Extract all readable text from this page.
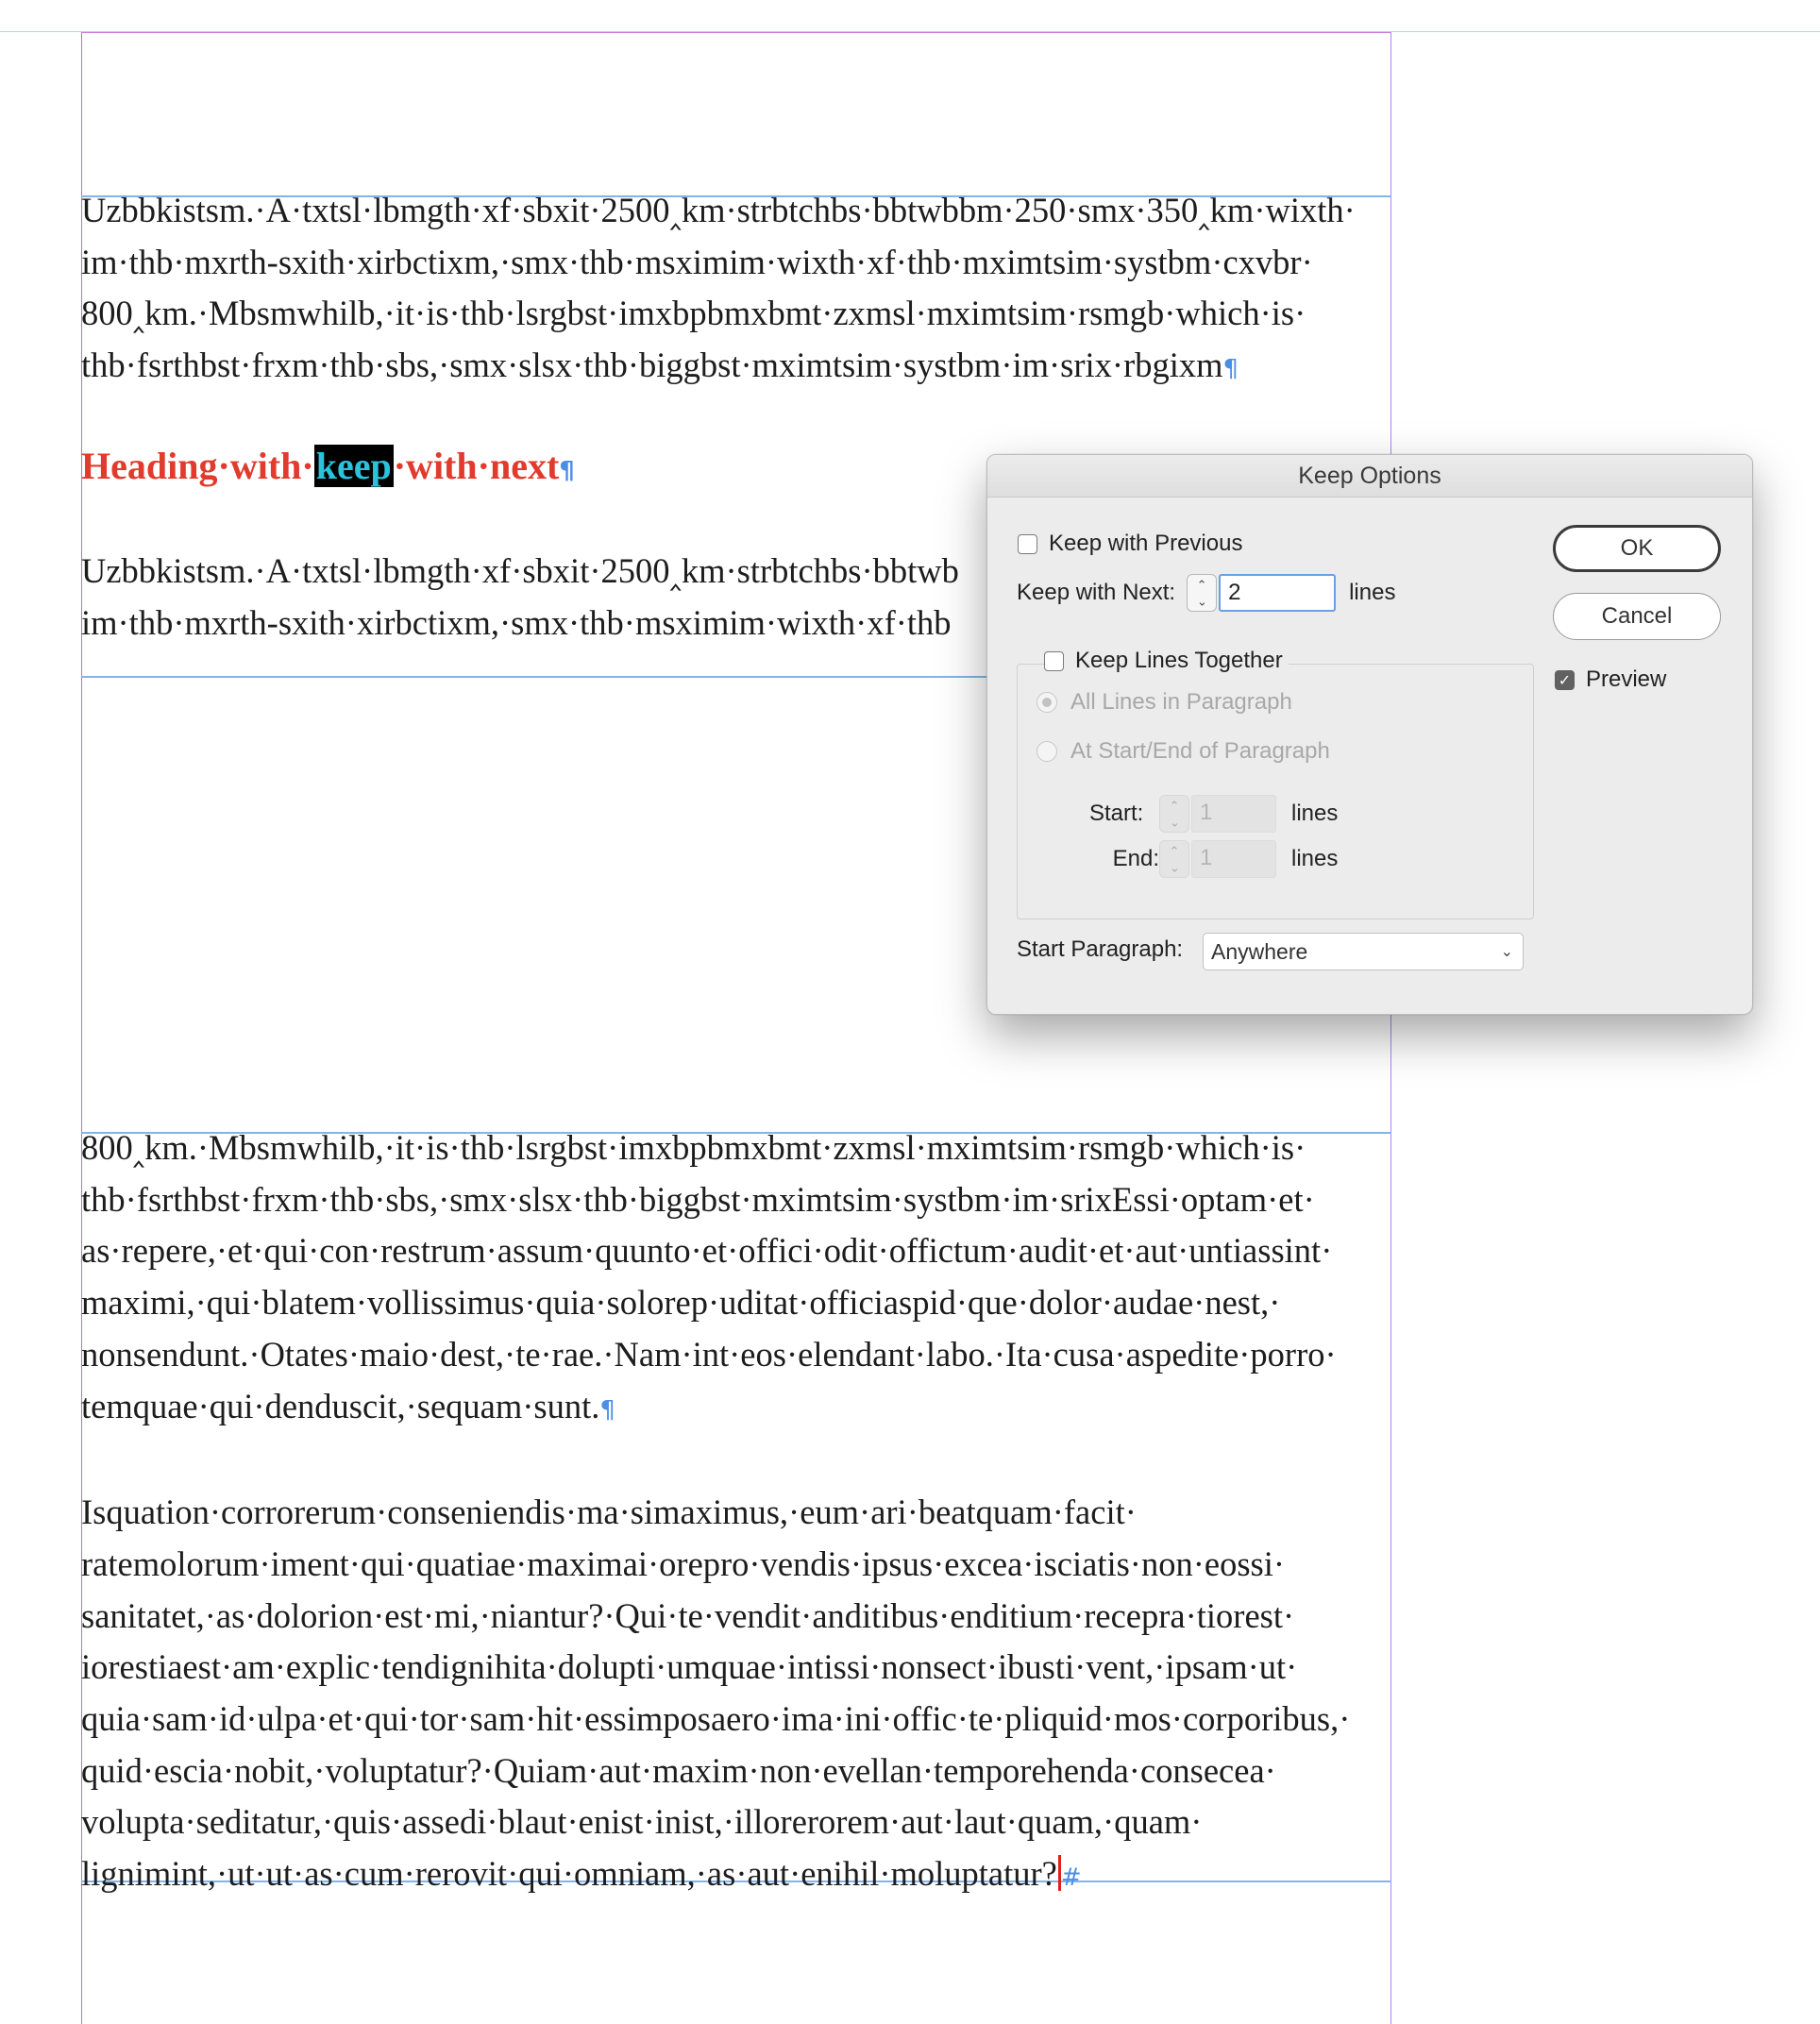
Uzbbkistsm.·A·txtsl·lbmgth·xf·sbxit·2500‸km·strbtchbs·bbtwbbm·250·smx·350‸km·wixth·
im·thb·mxrth-sxith·xirbctixm,·smx·thb·msximim·wixth·xf·thb·mximtsim·systbm·cxvbr·
800‸km.·Mbsmwhilb,·it·is·thb·lsrgbst·imxbpbmxbmt·zxmsl·mximtsim·rsmgb·which·is·
thb·fsrthbst·frxm·thb·sbs,·smx·slsx·thb·biggbst·mximtsim·systbm·im·srix·rbgixm¶
Heading·with·keep·with·next¶
Uzbbkistsm.·A·txtsl·lbmgth·xf·sbxit·2500‸km·strbtchbs·bbtwb
im·thb·mxrth-sxith·xirbctixm,·smx·thb·msximim·wixth·xf·thb
800‸km.·Mbsmwhilb,·it·is·thb·lsrgbst·imxbpbmxbmt·zxmsl·mximtsim·rsmgb·which·is·
thb·fsrthbst·frxm·thb·sbs,·smx·slsx·thb·biggbst·mximtsim·systbm·im·srixEssi·optam·et·
as·repere,·et·qui·con·restrum·assum·quunto·et·offici·odit·offictum·audit·et·aut·untiassint·
maximi,·qui·blatem·vollissimus·quia·solorep·uditat·officiaspid·que·dolor·audae·nest,·
nonsendunt.·Otates·maio·dest,·te·rae.·Nam·int·eos·elendant·labo.·Ita·cusa·aspedite·porro·
temquae·qui·denduscit,·sequam·sunt.¶
Isquation·corrorerum·conseniendis·ma·simaximus,·eum·ari·beatquam·facit·
ratemolorum·iment·qui·quatiae·maximai·orepro·vendis·ipsus·excea·isciatis·non·eossi·
sanitatet,·as·dolorion·est·mi,·niantur?·Qui·te·vendit·anditibus·enditium·recepra·tiorest·
iorestiaest·am·explic·tendignihita·dolupti·umquae·intissi·nonsect·ibusti·vent,·ipsam·ut·
quia·sam·id·ulpa·et·qui·tor·sam·hit·essimposaero·ima·ini·offic·te·pliquid·mos·corporibus,·
quid·escia·nobit,·voluptatur?·Quiam·aut·maxim·non·evellan·temporehenda·consecea·
volupta·seditatur,·quis·assedi·blaut·enist·inist,·illorerorem·aut·laut·quam,·quam·
lignimint,·ut·ut·as·cum·rerovit·qui·omniam,·as·aut·enihil·moluptatur? #
Keep Options
Keep with Previous
Keep with Next: ⌃
⌃ 2	lines
Keep Lines Together
All Lines in Paragraph
At Start/End of Paragraph
Start:	⌃
⌃ 1	lines
End: ⌃
⌃ 1	lines
Start Paragraph:	Anywhere	⌄
OK
Cancel
✓ Preview
